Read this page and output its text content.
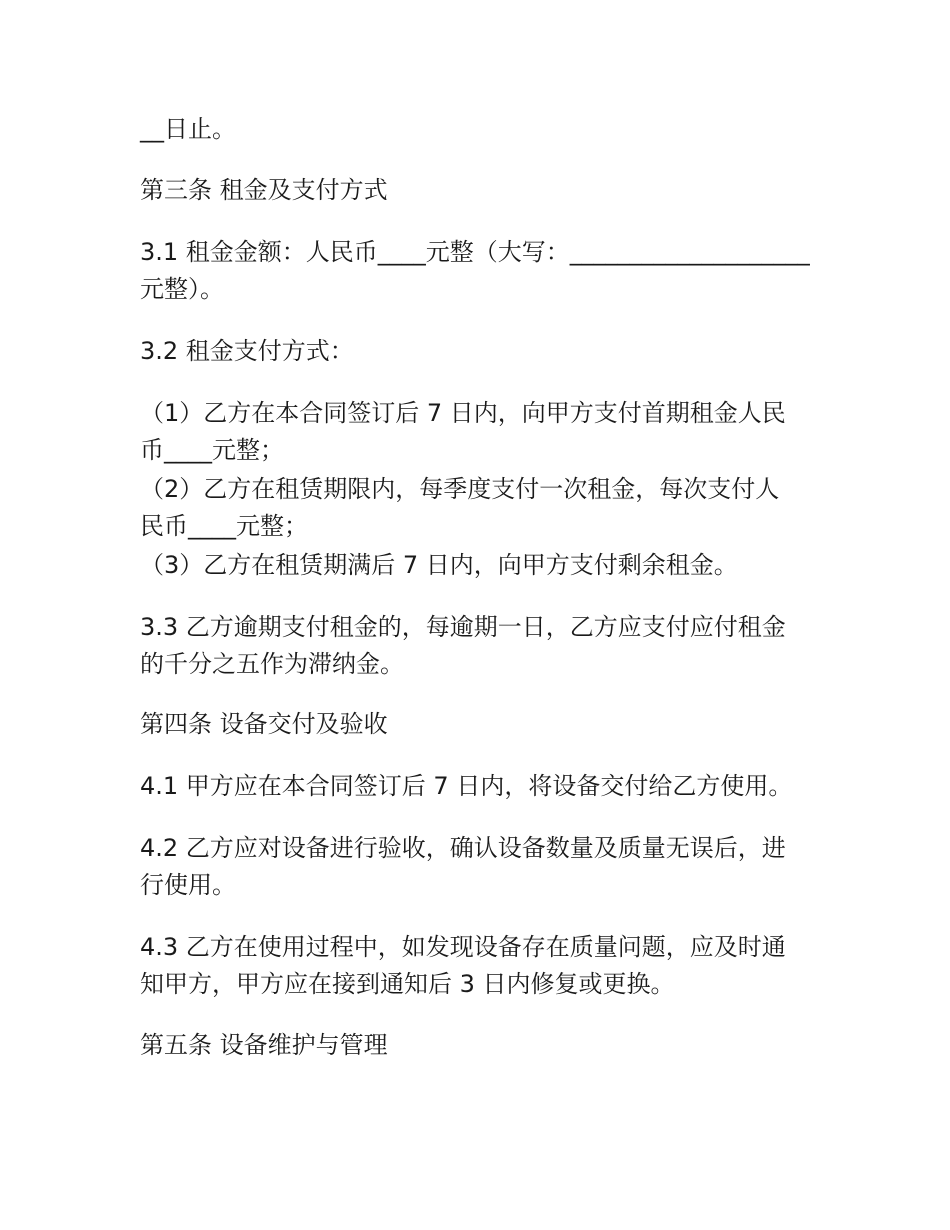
__日止。

第三条 租金及支付方式

3.1 租金金额：人民币____元整（大写：____________________
元整）。

3.2 租金支付方式：

（1）乙方在本合同签订后 7 日内，向甲方支付首期租金人民
币____元整；

（2）乙方在租赁期限内，每季度支付一次租金，每次支付人
民币____元整；

（3）乙方在租赁期满后 7 日内，向甲方支付剩余租金。

3.3 乙方逾期支付租金的，每逾期一日，乙方应支付应付租金
的千分之五作为滞纳金。

第四条 设备交付及验收

4.1 甲方应在本合同签订后 7 日内，将设备交付给乙方使用。

4.2 乙方应对设备进行验收，确认设备数量及质量无误后，进
行使用。

4.3 乙方在使用过程中，如发现设备存在质量问题，应及时通
知甲方，甲方应在接到通知后 3 日内修复或更换。

第五条 设备维护与管理
